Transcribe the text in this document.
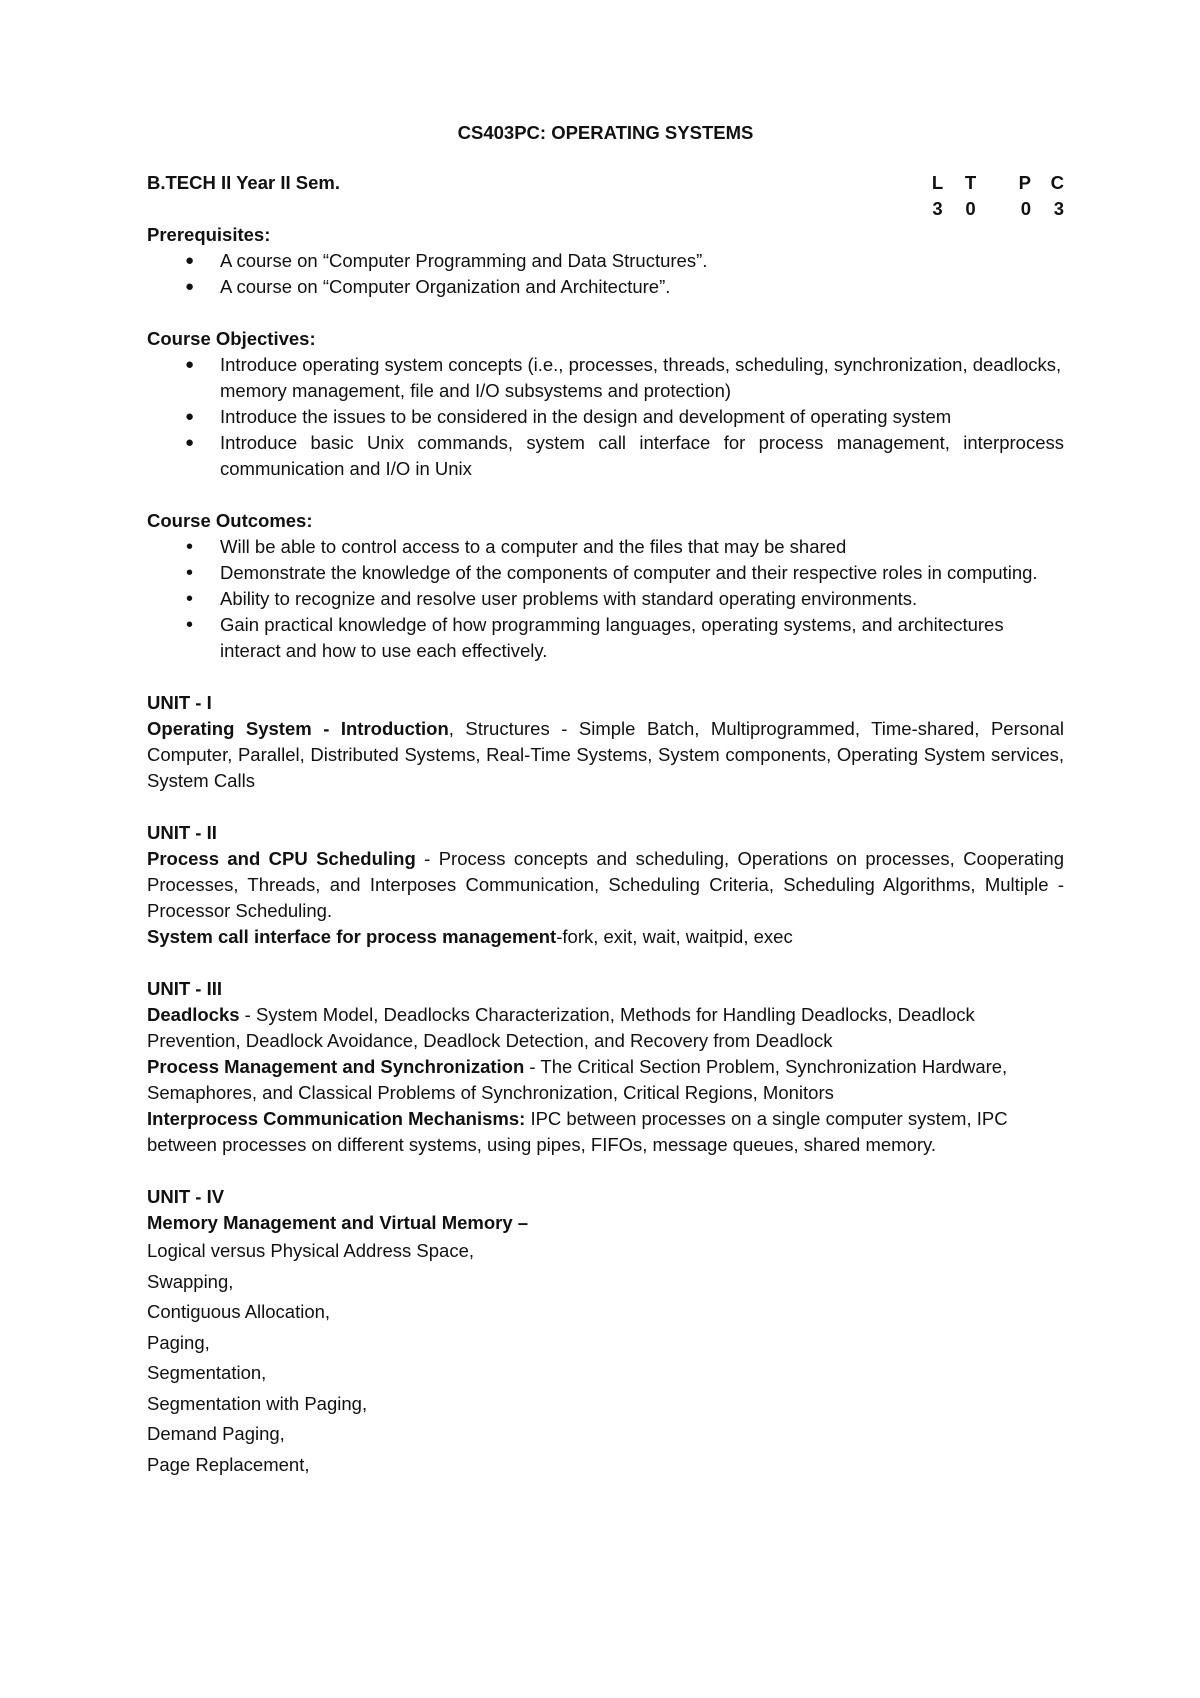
CS403PC: OPERATING SYSTEMS
B.TECH II Year II Sem.	L	T	P	C
3	0	0	3
Prerequisites:
● A course on “Computer Programming and Data Structures”.
● A course on “Computer Organization and Architecture”.
Course Objectives:
● Introduce operating system concepts (i.e., processes, threads, scheduling, synchronization, deadlocks, memory management, file and I/O subsystems and protection)
● Introduce the issues to be considered in the design and development of operating system
● Introduce basic Unix commands, system call interface for process management, interprocess communication and I/O in Unix
Course Outcomes:
• Will be able to control access to a computer and the files that may be shared
• Demonstrate the knowledge of the components of computer and their respective roles in computing.
• Ability to recognize and resolve user problems with standard operating environments.
• Gain practical knowledge of how programming languages, operating systems, and architectures interact and how to use each effectively.
UNIT - I
Operating System - Introduction, Structures - Simple Batch, Multiprogrammed, Time-shared, Personal Computer, Parallel, Distributed Systems, Real-Time Systems, System components, Operating System services, System Calls
UNIT - II
Process and CPU Scheduling - Process concepts and scheduling, Operations on processes, Cooperating Processes, Threads, and Interposes Communication, Scheduling Criteria, Scheduling Algorithms, Multiple -Processor Scheduling.
System call interface for process management-fork, exit, wait, waitpid, exec
UNIT - III
Deadlocks - System Model, Deadlocks Characterization, Methods for Handling Deadlocks, Deadlock Prevention, Deadlock Avoidance, Deadlock Detection, and Recovery from Deadlock
Process Management and Synchronization - The Critical Section Problem, Synchronization Hardware, Semaphores, and Classical Problems of Synchronization, Critical Regions, Monitors
Interprocess Communication Mechanisms: IPC between processes on a single computer system, IPC between processes on different systems, using pipes, FIFOs, message queues, shared memory.
UNIT - IV
Memory Management and Virtual Memory –
Logical versus Physical Address Space,
Swapping,
Contiguous Allocation,
Paging,
Segmentation,
Segmentation with Paging,
Demand Paging,
Page Replacement,
